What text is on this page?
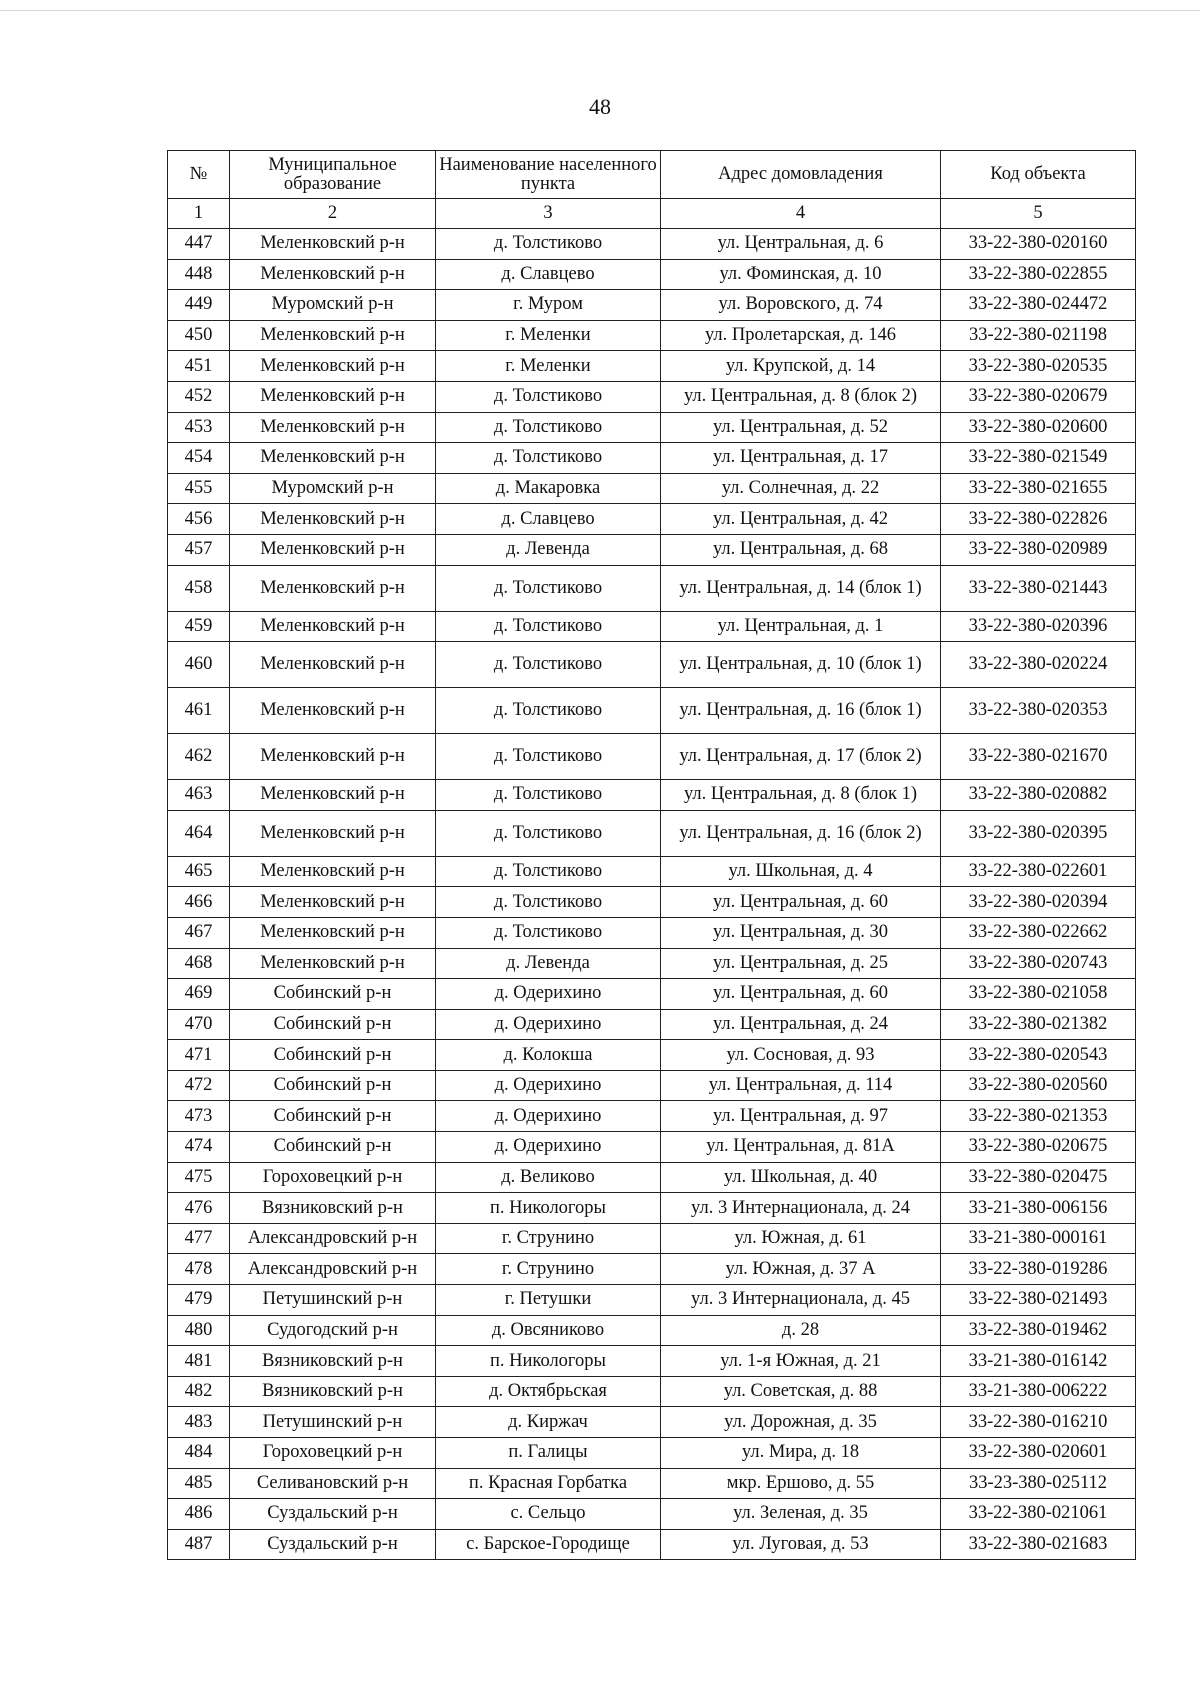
48
№	Муниципальное образование	Наименование населенного пункта	Адрес домовладения	Код объекта
1	2	3	4	5
447	Меленковский р-н	д. Толстиково	ул. Центральная, д. 6	33-22-380-020160
448	Меленковский р-н	д. Славцево	ул. Фоминская, д. 10	33-22-380-022855
449	Муромский р-н	г. Муром	ул. Воровского, д. 74	33-22-380-024472
450	Меленковский р-н	г. Меленки	ул. Пролетарская, д. 146	33-22-380-021198
451	Меленковский р-н	г. Меленки	ул. Крупской, д. 14	33-22-380-020535
452	Меленковский р-н	д. Толстиково	ул. Центральная, д. 8 (блок 2)	33-22-380-020679
453	Меленковский р-н	д. Толстиково	ул. Центральная, д. 52	33-22-380-020600
454	Меленковский р-н	д. Толстиково	ул. Центральная, д. 17	33-22-380-021549
455	Муромский р-н	д. Макаровка	ул. Солнечная, д. 22	33-22-380-021655
456	Меленковский р-н	д. Славцево	ул. Центральная, д. 42	33-22-380-022826
457	Меленковский р-н	д. Левенда	ул. Центральная, д. 68	33-22-380-020989
458	Меленковский р-н	д. Толстиково	ул. Центральная, д. 14 (блок 1)	33-22-380-021443
459	Меленковский р-н	д. Толстиково	ул. Центральная, д. 1	33-22-380-020396
460	Меленковский р-н	д. Толстиково	ул. Центральная, д. 10 (блок 1)	33-22-380-020224
461	Меленковский р-н	д. Толстиково	ул. Центральная, д. 16 (блок 1)	33-22-380-020353
462	Меленковский р-н	д. Толстиково	ул. Центральная, д. 17 (блок 2)	33-22-380-021670
463	Меленковский р-н	д. Толстиково	ул. Центральная, д. 8 (блок 1)	33-22-380-020882
464	Меленковский р-н	д. Толстиково	ул. Центральная, д. 16 (блок 2)	33-22-380-020395
465	Меленковский р-н	д. Толстиково	ул. Школьная, д. 4	33-22-380-022601
466	Меленковский р-н	д. Толстиково	ул. Центральная, д. 60	33-22-380-020394
467	Меленковский р-н	д. Толстиково	ул. Центральная, д. 30	33-22-380-022662
468	Меленковский р-н	д. Левенда	ул. Центральная, д. 25	33-22-380-020743
469	Собинский р-н	д. Одерихино	ул. Центральная, д. 60	33-22-380-021058
470	Собинский р-н	д. Одерихино	ул. Центральная, д. 24	33-22-380-021382
471	Собинский р-н	д. Колокша	ул. Сосновая, д. 93	33-22-380-020543
472	Собинский р-н	д. Одерихино	ул. Центральная, д. 114	33-22-380-020560
473	Собинский р-н	д. Одерихино	ул. Центральная, д. 97	33-22-380-021353
474	Собинский р-н	д. Одерихино	ул. Центральная, д. 81А	33-22-380-020675
475	Гороховецкий р-н	д. Великово	ул. Школьная, д. 40	33-22-380-020475
476	Вязниковский р-н	п. Никологоры	ул. 3 Интернационала, д. 24	33-21-380-006156
477	Александровский р-н	г. Струнино	ул. Южная, д. 61	33-21-380-000161
478	Александровский р-н	г. Струнино	ул. Южная, д. 37 А	33-22-380-019286
479	Петушинский р-н	г. Петушки	ул. 3 Интернационала, д. 45	33-22-380-021493
480	Судогодский р-н	д. Овсяниково	д. 28	33-22-380-019462
481	Вязниковский р-н	п. Никологоры	ул. 1-я Южная, д. 21	33-21-380-016142
482	Вязниковский р-н	д. Октябрьская	ул. Советская, д. 88	33-21-380-006222
483	Петушинский р-н	д. Киржач	ул. Дорожная, д. 35	33-22-380-016210
484	Гороховецкий р-н	п. Галицы	ул. Мира, д. 18	33-22-380-020601
485	Селивановский р-н	п. Красная Горбатка	мкр. Ершово, д. 55	33-23-380-025112
486	Суздальский р-н	с. Сельцо	ул. Зеленая, д. 35	33-22-380-021061
487	Суздальский р-н	с. Барское-Городище	ул. Луговая, д. 53	33-22-380-021683
